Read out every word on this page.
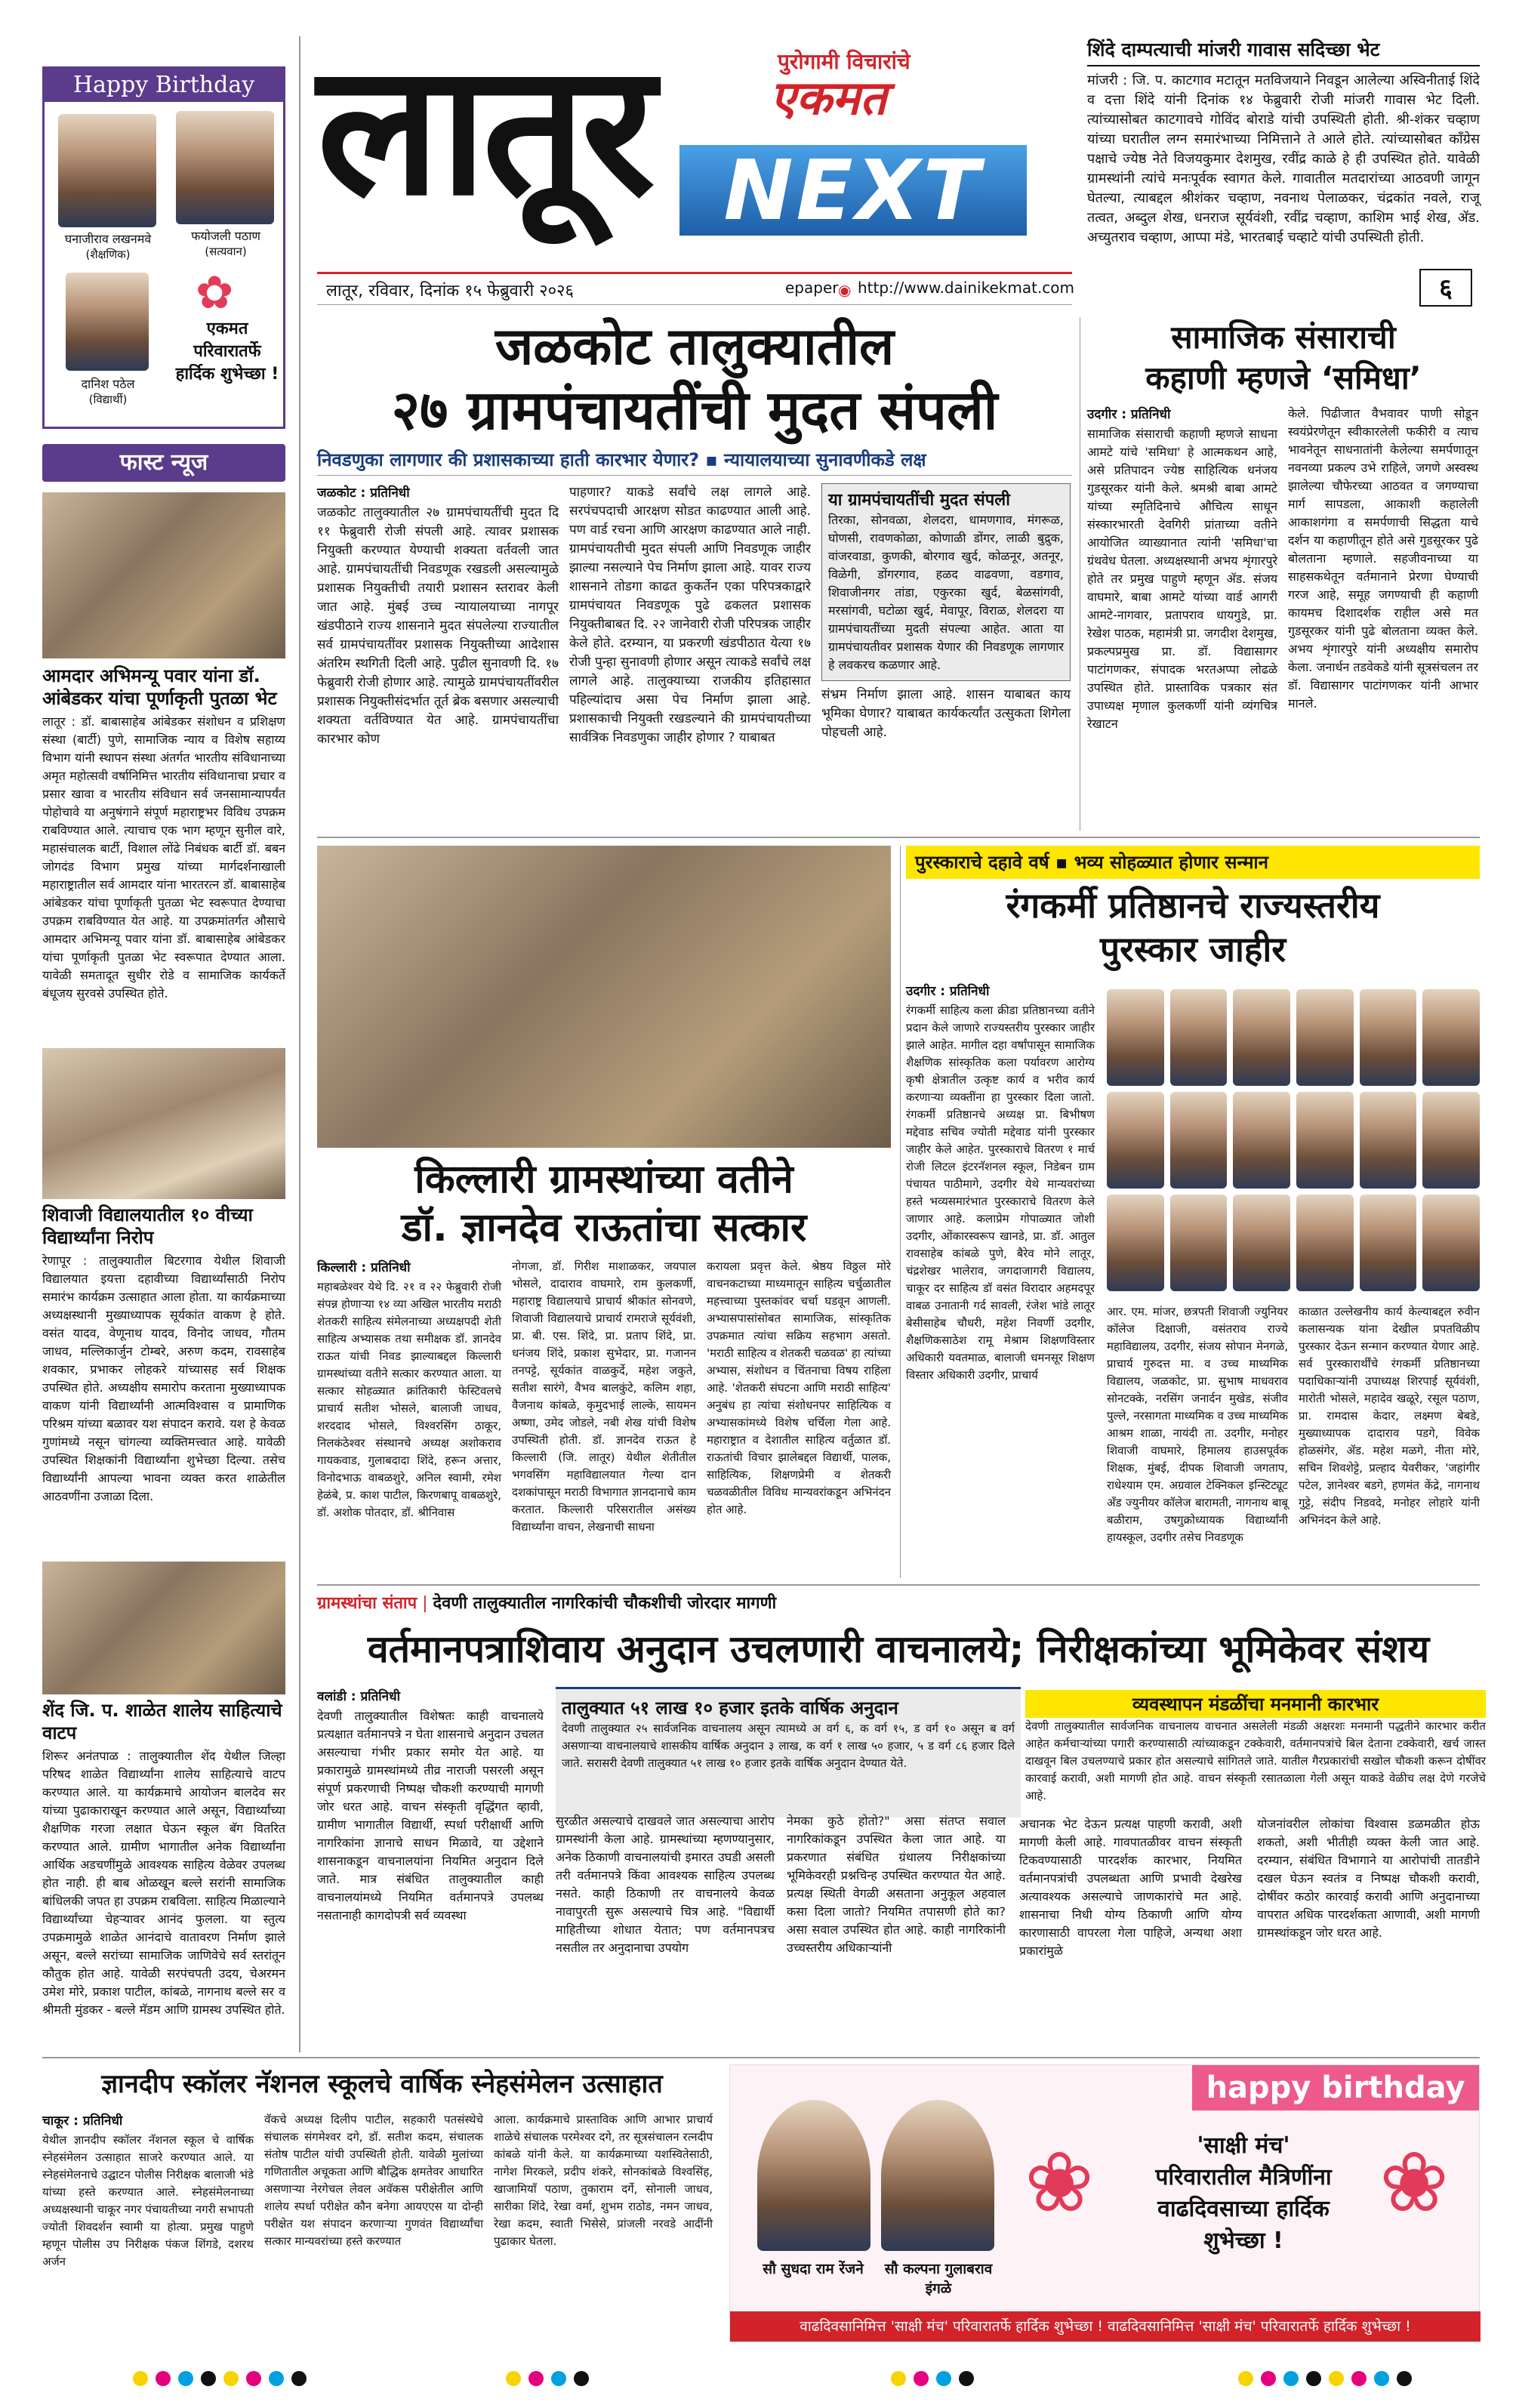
लातूर	पुरोगामी विचारांचे
एकमत
NEXT
लातूर, रविवार, दिनांक १५ फेब्रुवारी २०२६	epaper ◉ http://www.dainikekmat.com	६
शिंदे दाम्पत्याची मांजरी गावास सदिच्छा भेट

मांजरी : जि. प. काटगाव मटातून मतविजयाने निवडून आलेल्या अस्विनीताई शिंदे व दत्ता शिंदे यांनी दिनांक १४ फेब्रुवारी रोजी मांजरी गावास भेट दिली. त्यांच्यासोबत काटगावचे गोविंद बोराडे यांची उपस्थिती होती. श्री-शंकर चव्हाण यांच्या घरातील लग्न समारंभाच्या निमित्ताने ते आले होते. त्यांच्यासोबत काँग्रेस पक्षाचे ज्येष्ठ नेते विजयकुमार देशमुख, रवींद्र काळे हे ही उपस्थित होते. यावेळी ग्रामस्थांनी त्यांचे मनःपूर्वक स्वागत केले. गावातील मतदारांच्या आठवणी जागून घेतल्या, त्याबद्दल श्रीशंकर चव्हाण, नवनाथ पेलाळकर, चंद्रकांत नवले, राजू तत्वत, अब्दुल शेख, धनराज सूर्यवंशी, रवींद्र चव्हाण, काशिम भाई शेख, ॲड. अच्युतराव चव्हाण, आप्पा मंडे, भारतबाई चव्हाटे यांची उपस्थिती होती.

Happy Birthday
घनाजीराव लखनमवे
(शैक्षणिक)
फयोजली पठाण
(सत्यवान)
दानिश पठेल
(विद्यार्थी)
✿
एकमत परिवारातर्फे हार्दिक शुभेच्छा !
फास्ट न्यूज
आमदार अभिमन्यू पवार यांना डॉ. आंबेडकर यांचा पूर्णाकृती पुतळा भेट

लातूर : डॉ. बाबासाहेब आंबेडकर संशोधन व प्रशिक्षण संस्था (बार्टी) पुणे, सामाजिक न्याय व विशेष सहाय्य विभाग यांनी स्थापन संस्था अंतर्गत भारतीय संविधानाच्या अमृत महोत्सवी वर्षानिमित्त भारतीय संविधानाचा प्रचार व प्रसार खावा व भारतीय संविधान सर्व जनसामान्यापर्यंत पोहोचावे या अनुषंगाने संपूर्ण महाराष्ट्रभर विविध उपक्रम राबविण्यात आले. त्याचाच एक भाग म्हणून सुनील वारे, महासंचालक बार्टी, विशाल लोंढे निबंधक बार्टी डॉ. बबन जोगदंड विभाग प्रमुख यांच्या मार्गदर्शनाखाली महाराष्ट्रातील सर्व आमदार यांना भारतरत्न डॉ. बाबासाहेब आंबेडकर यांचा पूर्णाकृती पुतळा भेट स्वरूपात देण्याचा उपक्रम राबविण्यात येत आहे. या उपक्रमांतर्गत औसाचे आमदार अभिमन्यू पवार यांना डॉ. बाबासाहेब आंबेडकर यांचा पूर्णाकृती पुतळा भेट स्वरूपात देण्यात आला. यावेळी समतादूत सुधीर रोडे व सामाजिक कार्यकर्ते बंधूजय सुरवसे उपस्थित होते.

शिवाजी विद्यालयातील १० वीच्या विद्यार्थ्यांना निरोप

रेणापूर : तालुक्यातील बिटरगाव येथील शिवाजी विद्यालयात इयत्ता दहावीच्या विद्यार्थ्यांसाठी निरोप समारंभ कार्यक्रम उत्साहात आला होता. या कार्यक्रमाच्या अध्यक्षस्थानी मुख्याध्यापक सूर्यकांत वाकण हे होते. वसंत यादव, वेणूनाथ यादव, विनोद जाधव, गौतम जाधव, मल्लिकार्जुन टोम्बरे, अरुण कदम, रावसाहेब शवकार, प्रभाकर लोहकरे यांच्यासह सर्व शिक्षक उपस्थित होते. अध्यक्षीय समारोप करताना मुख्याध्यापक वाकण यांनी विद्यार्थ्यांनी आत्मविश्वास व प्रामाणिक परिश्रम यांच्या बळावर यश संपादन करावे. यश हे केवळ गुणांमध्ये नसून चांगल्या व्यक्तिमत्त्वात आहे. यावेळी उपस्थित शिक्षकांनी विद्यार्थ्यांना शुभेच्छा दिल्या. तसेच विद्यार्थ्यांनी आपल्या भावना व्यक्त करत शाळेतील आठवणींना उजाळा दिला.

शेंद जि. प. शाळेत शालेय साहित्याचे वाटप

शिरूर अनंतपाळ : तालुक्यातील शेंद येथील जिल्हा परिषद शाळेत विद्यार्थ्यांना शालेय साहित्याचे वाटप करण्यात आले. या कार्यक्रमाचे आयोजन बालदेव सर यांच्या पुढाकाराखून करण्यात आले असून, विद्यार्थ्यांच्या शैक्षणिक गरजा लक्षात घेऊन स्कूल बॅग वितरित करण्यात आले. ग्रामीण भागातील अनेक विद्यार्थ्यांना आर्थिक अडचणींमुळे आवश्यक साहित्य वेळेवर उपलब्ध होत नाही. ही बाब ओळखून बल्ले सरांनी सामाजिक बांधिलकी जपत हा उपक्रम राबविला. साहित्य मिळाल्याने विद्यार्थ्यांच्या चेहऱ्यावर आनंद फुलला. या स्तुत्य उपक्रमामुळे शाळेत आनंदाचे वातावरण निर्माण झाले असून, बल्ले सरांच्या सामाजिक जाणिवेचे सर्व स्तरांतून कौतुक होत आहे. यावेळी सरपंचपती उदय, चेअरमन उमेश मोरे, प्रकाश पाटील, कांबळे, नागनाथ बल्ले सर व श्रीमती मुंडकर - बल्ले मॅडम आणि ग्रामस्थ उपस्थित होते.

जळकोट तालुक्यातील
२७ ग्रामपंचायतींची मुदत संपली
निवडणुका लागणार की प्रशासकाच्या हाती कारभार येणार? ▪ न्यायालयाच्या सुनावणीकडे लक्ष
जळकोट : प्रतिनिधी

जळकोट तालुक्यातील २७ ग्रामपंचायतींची मुदत दि ११ फेब्रुवारी रोजी संपली आहे. त्यावर प्रशासक नियुक्ती करण्यात येण्याची शक्यता वर्तवली जात आहे. ग्रामपंचायतींची निवडणूक रखडली असल्यामुळे प्रशासक नियुक्तीची तयारी प्रशासन स्तरावर केली जात आहे. मुंबई उच्च न्यायालयाच्या नागपूर खंडपीठाने राज्य शासनाने मुदत संपलेल्या राज्यातील सर्व ग्रामपंचायतींवर प्रशासक नियुक्तीच्या आदेशास अंतरिम स्थगिती दिली आहे. पुढील सुनावणी दि. १७ फेब्रुवारी रोजी होणार आहे. त्यामुळे ग्रामपंचायतींवरील प्रशासक नियुक्तीसंदर्भात तूर्त ब्रेक बसणार असल्याची शक्यता वर्तविण्यात येत आहे. ग्रामपंचायतींचा कारभार कोण

पाहणार? याकडे सर्वांचे लक्ष लागले आहे. सरपंचपदाची आरक्षण सोडत काढण्यात आली आहे. पण वार्ड रचना आणि आरक्षण काढण्यात आले नाही. ग्रामपंचायतीची मुदत संपली आणि निवडणूक जाहीर झाल्या नसल्याने पेच निर्माण झाला आहे. यावर राज्य शासनाने तोडगा काढत कुकर्तेन एका परिपत्रकाद्वारे ग्रामपंचायत निवडणूक पुढे ढकलत प्रशासक नियुक्तीबाबत दि. २२ जानेवारी रोजी परिपत्रक जाहीर केले होते. दरम्यान, या प्रकरणी खंडपीठात येत्या १७ रोजी पुन्हा सुनावणी होणार असून त्याकडे सर्वांचे लक्ष लागले आहे. तालुक्याच्या राजकीय इतिहासात पहिल्यांदाच असा पेच निर्माण झाला आहे. प्रशासकाची नियुक्ती रखडल्याने की ग्रामपंचायतीच्या सार्वत्रिक निवडणुका जाहीर होणार ? याबाबत

या ग्रामपंचायतींची मुदत संपली

तिरका, सोनवळा, शेलदरा, धामणगाव, मंगरूळ, घोणसी, रावणकोळा, कोणाळी डोंगर, लाळी बुद्रुक, वांजरवाडा, कुणकी, बोरगाव खुर्द, कोळनूर, अतनूर, विळेगी, डोंगरगाव, हळद वाढवणा, वडगाव, शिवाजीनगर तांडा, एकुरका खुर्द, बेळसांगवी, मरसांगवी, घटोळा खुर्द, मेवापूर, विराळ, शेलदरा या ग्रामपंचायतींच्या मुदती संपल्या आहेत. आता या ग्रामपंचायतीवर प्रशासक येणार की निवडणूक लागणार हे लवकरच कळणार आहे.

संभ्रम निर्माण झाला आहे. शासन याबाबत काय भूमिका घेणार? याबाबत कार्यकर्त्यांत उत्सुकता शिगेला पोहचली आहे.

सामाजिक संसाराची
कहाणी म्हणजे ‘समिधा’
उदगीर : प्रतिनिधी

सामाजिक संसाराची कहाणी म्हणजे साधना आमटे यांचे 'समिधा' हे आत्मकथन आहे, असे प्रतिपादन ज्येष्ठ साहित्यिक धनंजय गुडसूरकर यांनी केले. श्रमश्री बाबा आमटे यांच्या स्मृतिदिनाचे औचित्य साधून संस्कारभारती देवगिरी प्रांताच्या वतीने आयोजित व्याख्यानात त्यांनी 'समिधा'चा ग्रंथवेध घेतला. अध्यक्षस्थानी अभय शृंगारपुरे होते तर प्रमुख पाहुणे म्हणून ॲड. संजय वाघमारे, बाबा आमटे यांच्या वार्ड आगरी आमटे-नागवार, प्रतापराव धायगुडे, प्रा. रेखेश पाठक, महामंत्री प्रा. जगदीश देशमुख, प्रकल्पप्रमुख प्रा. डॉ. विद्यासागर पाटांगणकर, संपादक भरतअप्पा लोढळे उपस्थित होते. प्रास्ताविक पत्रकार संत उपाध्यक्ष मृणाल कुलकर्णी यांनी व्यंगचित्र रेखाटन

केले. पिढीजात वैभवावर पाणी सोडून स्वयंप्रेरणेतून स्वीकारलेली फकीरी व त्याच भावनेतून साधनातांनी केलेल्या समर्पणातून नवनव्या प्रकल्प उभे राहिले, जगणे अस्वस्थ झालेल्या चौफेरच्या आठवत व जगण्याचा मार्ग सापडला, आकाशी कहालेली आकाशगंगा व समर्पणाची सिद्धता याचे दर्शन या कहाणीतून होते असे गुडसूरकर पुढे बोलताना म्हणाले. सहजीवनाच्या या साहसकथेतून वर्तमानाने प्रेरणा घेण्याची गरज आहे, समूह जगण्याची ही कहाणी कायमच दिशादर्शक राहील असे मत गुडसूरकर यांनी पुढे बोलताना व्यक्त केले. अभय शृंगारपुरे यांनी अध्यक्षीय समारोप केला. जनार्धन तडवेकडे यांनी सूत्रसंचलन तर डॉ. विद्यासागर पाटांगणकर यांनी आभार मानले.

किल्लारी ग्रामस्थांच्या वतीने
डॉ. ज्ञानदेव राऊतांचा सत्कार
किल्लारी : प्रतिनिधी

महाबळेश्वर येथे दि. २१ व २२ फेब्रुवारी रोजी संपन्न होणाऱ्या १४ व्या अखिल भारतीय मराठी शेतकरी साहित्य संमेलनाच्या अध्यक्षपदी शेती साहित्य अभ्यासक तथा समीक्षक डॉ. ज्ञानदेव राऊत यांची निवड झाल्याबद्दल किल्लारी ग्रामस्थांच्या वतीने सत्कार करण्यात आला. या सत्कार सोहळ्यात क्रांतिकारी फेस्टिवलचे प्राचार्य सतीश भोसले, बालाजी जाधव, शरददाद भोसले, विश्वरसिंग ठाकूर, निलकंठेश्वर संस्थानचे अध्यक्ष अशोकराव गायकवाड, गुलाबदादा शिंदे, हरून अत्तार, विनोदभाऊ वाबळशुरे, अनिल स्वामी, रमेश हेळंबे, प्र. काश पाटील, किरणबापू वाबळशुरे, डॉ. अशोक पोतदार, डॉ. श्रीनिवास

नोगजा, डॉ. गिरीश माशाळकर, जयपाल भोसले, दादाराव वाघमारे, राम कुलकर्णी, महाराष्ट्र विद्यालयाचे प्राचार्य श्रीकांत सोनवणे, शिवाजी विद्यालयाचे प्राचार्य रामराजे सूर्यवंशी, प्रा. बी. एस. शिंदे, प्रा. प्रताप शिंदे, प्रा. धनंजय शिंदे, प्रकाश सुभेदार, प्रा. गजानन तनपट्टे, सूर्यकांत वाळकुर्दे, महेश जकुते, सतीश सारंगे, वैभव बालकुंटे, कलिम शहा, वैजनाथ कांबळे, कृमुदभाई लाल्के, सायमन अष्णा, उमेद जोडले, नबी शेख यांची विशेष उपस्थिती होती. डॉ. ज्ञानदेव राऊत हे किल्लारी (जि. लातूर) येथील शेतीतील भगवसिंग महाविद्यालयात गेल्या दान दशकांपासून मराठी विभागात ज्ञानदानाचे काम करतात. किल्लारी परिसरातील असंख्य विद्यार्थ्यांना वाचन, लेखनाची साधना

करायला प्रवृत्त केले. श्रेष्ठय विठ्ठल मोरे वाचनकटाच्या माध्यमातून साहित्य चर्चुळातील महत्त्वाच्या पुस्तकांवर चर्चा घडवून आणली. अभ्यासपासांसोबत सामाजिक, सांस्कृतिक उपक्रमात त्यांचा सक्रिय सहभाग असतो. 'मराठी साहित्य व शेतकरी चळवळ' हा त्यांच्या अभ्यास, संशोधन व चिंतनाचा विषय राहिला आहे. 'शेतकरी संघटना आणि मराठी साहित्य' अनुबंध हा त्यांचा संशोधनपर साहित्यिक व अभ्यासकांमध्ये विशेष चर्चिला गेला आहे. महाराष्ट्रात व देशातील साहित्य वर्तुळात डॉ. राऊतांची विचार झालेबद्दल विद्यार्थी, पालक, साहित्यिक, शिक्षणप्रेमी व शेतकरी चळवळीतील विविध मान्यवरांकडून अभिनंदन होत आहे.

पुरस्काराचे दहावे वर्ष ▪ भव्य सोहळ्यात होणार सन्मान
रंगकर्मी प्रतिष्ठानचे राज्यस्तरीय
पुरस्कार जाहीर
उदगीर : प्रतिनिधी

रंगकर्मी साहित्य कला क्रीडा प्रतिष्ठानच्या वतीने प्रदान केले जाणारे राज्यस्तरीय पुरस्कार जाहीर झाले आहेत. मागील दहा वर्षांपासून सामाजिक शैक्षणिक सांस्कृतिक कला पर्यावरण आरोग्य कृषी क्षेत्रातील उत्कृष्ट कार्य व भरीव कार्य करणाऱ्या व्यक्तींना हा पुरस्कार दिला जातो. रंगकर्मी प्रतिष्ठानचे अध्यक्ष प्रा. बिभीषण मद्देवाड सचिव ज्योती मद्देवाड यांनी पुरस्कार जाहीर केले आहेत. पुरस्काराचे वितरण १ मार्च रोजी लिटल इंटरनॅशनल स्कूल, निडेबन ग्राम पंचायत पाठीमागे, उदगीर येथे मान्यवरांच्या हस्ते भव्यसमारंभात पुरस्काराचे वितरण केले जाणार आहे. कलाप्रेम गोपाळ्यात जोशी उदगीर, ओंकारस्वरूप खानडे, प्रा. डॉ. आतुल रावसाहेब कांबळे पुणे, बैरेव मोने लातूर, चंद्रशेखर भालेराव, जगदाजागरी विद्यालय, चाकूर दर साहित्य डॉ वसंत विरादार अहमदपूर वाबळ उनातानी गर्द सावली, रंजेश भांडे लातूर बेसीसाहेब चौधरी, महेश निवर्णी उदगीर, शैक्षणिकसाठेश रामू मेश्राम शिक्षणविस्तार अधिकारी यवतमाळ, बालाजी धमनसूर शिक्षण विस्तार अधिकारी उदगीर, प्राचार्य

आर. एम. मांजर, छत्रपती शिवाजी ज्युनियर कॉलेज दिक्षाजी, वसंतराव राज्ये महाविद्यालय, उदगीर, संजय सोपान मेनगळे, प्राचार्य गुरुदत्त मा. व उच्च माध्यमिक विद्यालय, जळकोट, प्रा. सुभाष माधवराव सोनटक्के, नरसिंग जनार्दन मुखेड, संजीव पुल्ले, नरसागता माध्यमिक व उच्च माध्यमिक आश्रम शाळा, नायंदी ता. उदगीर, मनोहर शिवाजी वाघमारे, हिमालय हाउसपूर्वक शिक्षक, मुंबई, दीपक शिवाजी जगताप, राधेश्याम एम. अग्रवाल टेक्निकल इन्स्टिट्यूट अँड ज्युनीयर कॉलेज बारामती, नागनाथ बाबू बळीराम, उषगुक्रोध्यायक विद्यार्थ्यांनी हायस्कूल, उदगीर तसेच निवडणूक

काळात उल्लेखनीय कार्य केल्याबद्दल रुवीन कलासन्यक यांना देखील प्रपतविळीप पुरस्कार देऊन सन्मान करण्यात येणार आहे. सर्व पुरस्कारार्थींचे रंगकर्मी प्रतिष्ठानच्या पदाधिकाऱ्यांनी उपाध्यक्ष शिरपाई सूर्यवंशी, मारोती भोसले, महादेव खळूरे, रसूल पठाण, प्रा. रामदास केदार, लक्ष्मण बेबडे, मुख्याध्यापक दादाराव पडगे, विवेक होळसंगेर, ॲड. महेश मळगे, नीता मोरे, सचिन शिवशेट्टे, प्रल्हाद येवरीकर, 'जहांगीर पटेल, ज्ञानेश्वर बडगे, हणमंत केंद्रे, नागनाथ गुट्टे, संदीप निडवदे, मनोहर लोहारे यांनी अभिनंदन केले आहे.

ग्रामस्थांचा संताप | देवणी तालुक्यातील नागरिकांची चौकशीची जोरदार मागणी
वर्तमानपत्राशिवाय अनुदान उचलणारी वाचनालये; निरीक्षकांच्या भूमिकेवर संशय
वलांडी : प्रतिनिधी

देवणी तालुक्यातील विशेषतः काही वाचनालये प्रत्यक्षात वर्तमानपत्रे न घेता शासनाचे अनुदान उचलत असल्याचा गंभीर प्रकार समोर येत आहे. या प्रकारामुळे ग्रामस्थांमध्ये तीव्र नाराजी पसरली असून संपूर्ण प्रकरणाची निष्पक्ष चौकशी करण्याची मागणी जोर धरत आहे. वाचन संस्कृती वृद्धिंगत व्हावी, ग्रामीण भागातील विद्यार्थी, स्पर्धा परीक्षार्थी आणि नागरिकांना ज्ञानाचे साधन मिळावे, या उद्देशाने शासनाकडून वाचनालयांना नियमित अनुदान दिले जाते. मात्र संबंधित तालुक्यातील काही वाचनालयांमध्ये नियमित वर्तमानपत्रे उपलब्ध नसतानाही कागदोपत्री सर्व व्यवस्था

तालुक्यात ५१ लाख १० हजार इतके वार्षिक अनुदान

देवणी तालुक्यात २५ सार्वजनिक वाचनालय असून त्यामध्ये अ वर्ग ६, क वर्ग १५, ड वर्ग १० असून ब वर्ग असणाऱ्या वाचनालयाचे शासकीय वार्षिक अनुदान ३ लाख, क वर्ग १ लाख ५० हजार, ५ ड वर्ग ८६ हजार दिले जाते. सरासरी देवणी तालुक्यात ५१ लाख १० हजार इतके वार्षिक अनुदान देण्यात येते.

सुरळीत असल्याचे दाखवले जात असल्याचा आरोप ग्रामस्थांनी केला आहे. ग्रामस्थांच्या म्हणण्यानुसार, अनेक ठिकाणी वाचनालयांची इमारत उघडी असली तरी वर्तमानपत्रे किंवा आवश्यक साहित्य उपलब्ध नसते. काही ठिकाणी तर वाचनालये केवळ नावापुरती सुरू असल्याचे चित्र आहे. "विद्यार्थी माहितीच्या शोधात येतात; पण वर्तमानपत्रच नसतील तर अनुदानाचा उपयोग

नेमका कुठे होतो?" असा संतप्त सवाल नागरिकांकडून उपस्थित केला जात आहे. या प्रकरणात संबंधित ग्रंथालय निरीक्षकांच्या भूमिकेवरही प्रश्नचिन्ह उपस्थित करण्यात येत आहे. प्रत्यक्ष स्थिती वेगळी असताना अनुकूल अहवाल कसा दिला जातो? नियमित तपासणी होते का? असा सवाल उपस्थित होत आहे. काही नागरिकांनी उच्चस्तरीय अधिकाऱ्यांनी

व्यवस्थापन मंडळींचा मनमानी कारभार

देवणी तालुक्यातील सार्वजनिक वाचनालय वाचनात असलेली मंडळी अक्षरशः मनमानी पद्धतीने कारभार करीत आहेत कर्मचाऱ्यांच्या पगारी करण्यासाठी त्यांच्याकडून टक्केवारी, वर्तमानपत्रांचे बिल देताना टक्केवारी, खर्च जास्त दाखवून बिल उचलण्याचे प्रकार होत असल्याचे सांगितले जाते. यातील गैरप्रकारांची सखोल चौकशी करून दोषींवर कारवाई करावी, अशी मागणी होत आहे. वाचन संस्कृती रसातळाला गेली असून याकडे वेळीच लक्ष देणे गरजेचे आहे.

अचानक भेट देऊन प्रत्यक्ष पाहणी करावी, अशी मागणी केली आहे. गावपातळीवर वाचन संस्कृती टिकवण्यासाठी पारदर्शक कारभार, नियमित वर्तमानपत्रांची उपलब्धता आणि प्रभावी देखरेख अत्यावश्यक असल्याचे जाणकारांचे मत आहे. शासनाचा निधी योग्य ठिकाणी आणि योग्य कारणासाठी वापरला गेला पाहिजे, अन्यथा अशा प्रकारांमुळे

योजनांवरील लोकांचा विश्वास डळमळीत होऊ शकतो, अशी भीतीही व्यक्त केली जात आहे. दरम्यान, संबंधित विभागाने या आरोपांची तातडीने दखल घेऊन स्वतंत्र व निष्पक्ष चौकशी करावी, दोषींवर कठोर कारवाई करावी आणि अनुदानाच्या वापरात अधिक पारदर्शकता आणावी, अशी मागणी ग्रामस्थांकडून जोर धरत आहे.

ज्ञानदीप स्कॉलर नॅशनल स्कूलचे वार्षिक स्नेहसंमेलन उत्साहात
चाकूर : प्रतिनिधी

येथील ज्ञानदीप स्कॉलर नॅशनल स्कूल चे वार्षिक स्नेहसंमेलन उत्साहात साजरे करण्यात आले. या स्नेहसंमेलनाचे उद्घाटन पोलीस निरीक्षक बालाजी भंडे यांच्या हस्ते करण्यात आले. स्नेहसंमेलनाच्या अध्यक्षस्थानी चाकूर नगर पंचायतीच्या नगरी सभापती ज्योती शिवदर्शन स्वामी या होत्या. प्रमुख पाहुणे म्हणून पोलीस उप निरीक्षक पंकज शिंगडे, दशरथ अर्जन

वॅकचे अध्यक्ष दिलीप पाटील, सहकारी पतसंस्थेचे संचालक संगमेश्वर दगे, डॉ. सतीश कदम, संचालक संतोष पाटील यांची उपस्थिती होती. यावेळी मुलांच्या गणितातील अचूकता आणि बौद्धिक क्षमतेवर आधारित असणाऱ्या नेरगेचल लेवल अवॅकस परीक्षेतील आणि शालेय स्पर्धा परीक्षेत कौन बनेगा आयएएस या दोन्ही परीक्षेत यश संपादन करणाऱ्या गुणवंत विद्यार्थ्यांचा सत्कार मान्यवरांच्या हस्ते करण्यात

आला. कार्यक्रमाचे प्रास्ताविक आणि आभार प्राचार्य शाळेचे संचालक परमेश्वर दगे, तर सूत्रसंचालन रत्नदीप कांबळे यांनी केले. या कार्यक्रमाच्या यशस्वितेसाठी, नागेश मिरकले, प्रदीप शंकरे, सोनकांबळे विश्वसिंह, खाजामियाँ पठाण, तुकाराम दर्गे, सोनाली जाधव, सारीका शिंदे, रेखा वर्मा, शुभम राठोड, नमन जाधव, रेखा कदम, स्वाती भिसेसे, प्रांजली नरवडे आदींनी पुढाकार घेतला.

happy birthday
सौ सुधदा राम रेंजने	सौ कल्पना गुलाबराव इंगळे
❀	❀
'साक्षी मंच'
परिवारातील मैत्रिणींना
वाढदिवसाच्या हार्दिक
शुभेच्छा !
वाढदिवसानिमित्त 'साक्षी मंच' परिवारातर्फे हार्दिक शुभेच्छा ! वाढदिवसानिमित्त 'साक्षी मंच' परिवारातर्फे हार्दिक शुभेच्छा !
